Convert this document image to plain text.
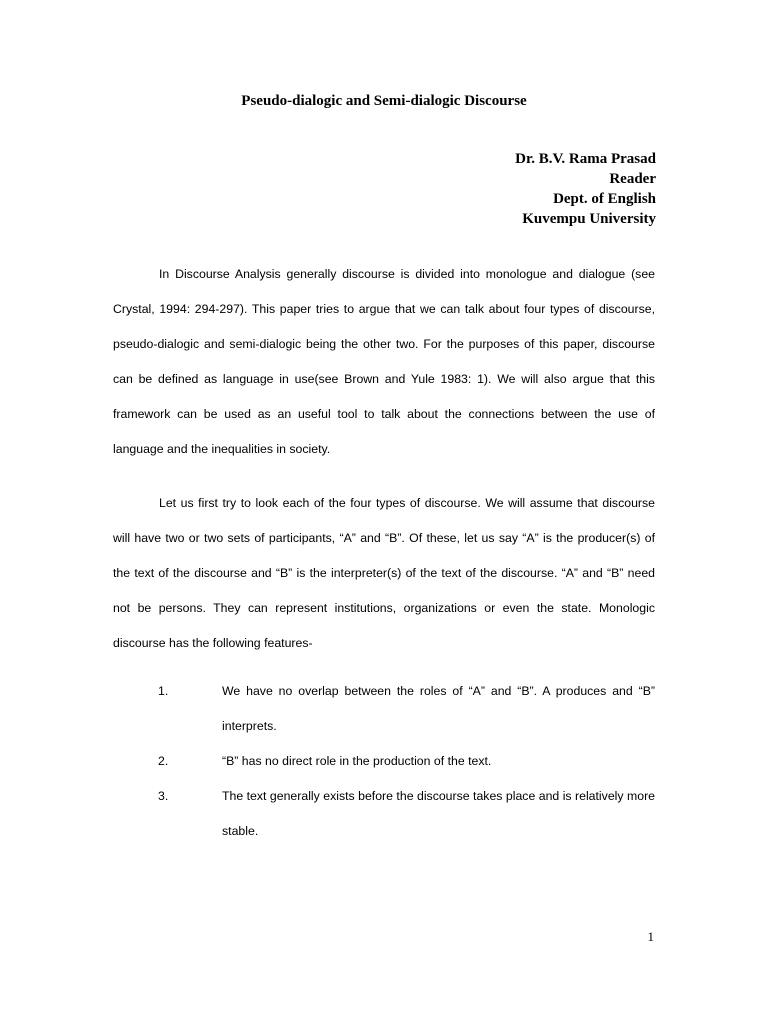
Pseudo-dialogic and Semi-dialogic Discourse
Dr. B.V. Rama Prasad
Reader
Dept. of English
Kuvempu University

In Discourse Analysis generally discourse is divided into monologue and dialogue (see Crystal, 1994: 294-297). This paper tries to argue that we can talk about four types of discourse, pseudo-dialogic and semi-dialogic being the other two. For the purposes of this paper, discourse can be defined as language in use(see Brown and Yule 1983: 1). We will also argue that this framework can be used as an useful tool to talk about the connections between the use of language and the inequalities in society.

Let us first try to look each of the four types of discourse. We will assume that discourse will have two or two sets of participants, “A” and “B”. Of these, let us say “A” is the producer(s) of the text of the discourse and “B” is the interpreter(s) of the text of the discourse. “A” and “B” need not be persons. They can represent institutions, organizations or even the state. Monologic discourse has the following features-

1.	We have no overlap between the roles of “A” and “B”. A produces and “B” interprets.
2.	“B” has no direct role in the production of the text.
3.	The text generally exists before the discourse takes place and is relatively more stable.
1
